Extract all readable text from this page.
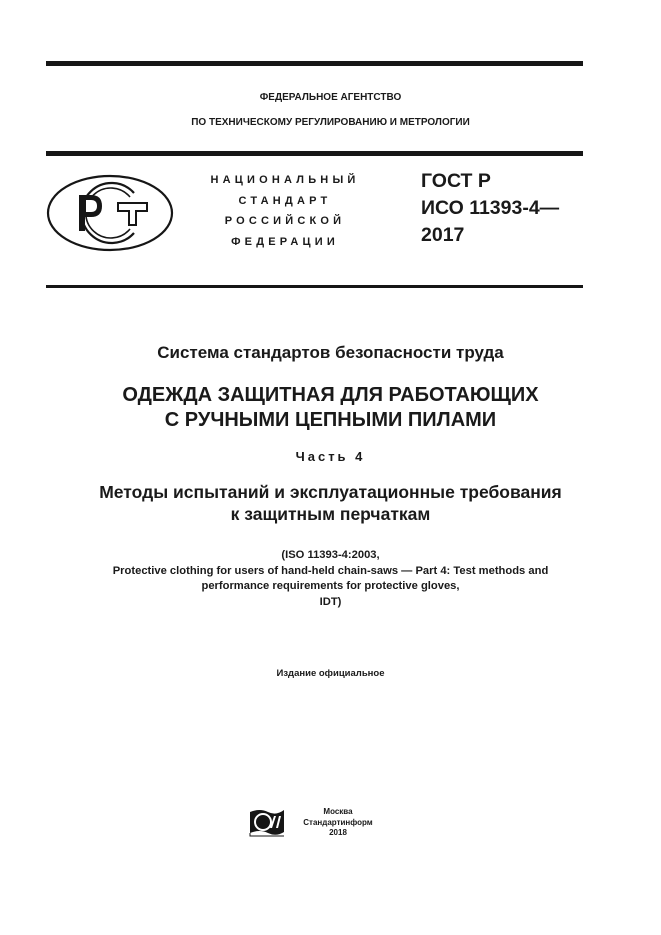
ФЕДЕРАЛЬНОЕ АГЕНТСТВО
ПО ТЕХНИЧЕСКОМУ РЕГУЛИРОВАНИЮ И МЕТРОЛОГИИ
НАЦИОНАЛЬНЫЙ
СТАНДАРТ
РОССИЙСКОЙ
ФЕДЕРАЦИИ
ГОСТ Р
ИСО 11393-4—
2017
Система стандартов безопасности труда
ОДЕЖДА ЗАЩИТНАЯ ДЛЯ РАБОТАЮЩИХ
С РУЧНЫМИ ЦЕПНЫМИ ПИЛАМИ
Часть 4
Методы испытаний и эксплуатационные требования
к защитным перчаткам
(ISO 11393-4:2003,
Protective clothing for users of hand-held chain-saws — Part 4: Test methods and
performance requirements for protective gloves,
IDT)
Издание официальное
Москва
Стандартинформ
2018
